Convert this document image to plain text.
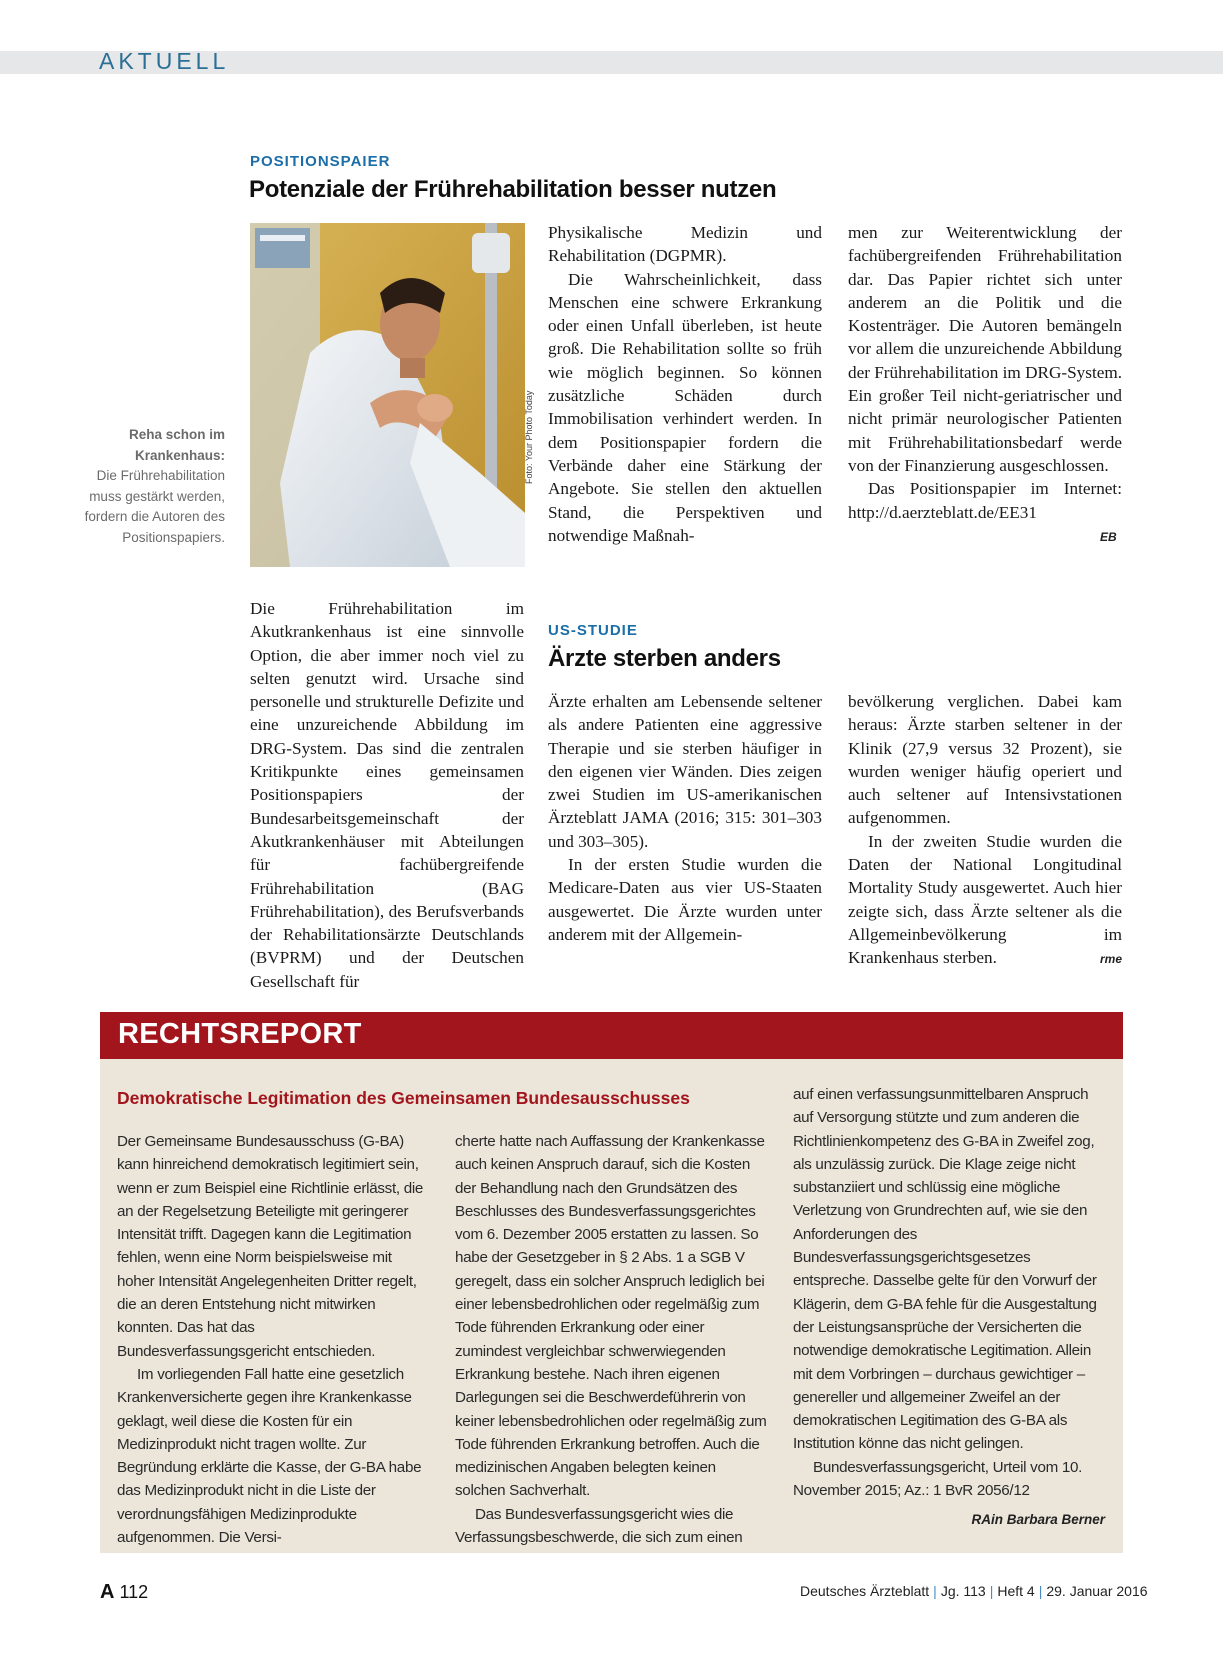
AKTUELL
POSITIONSPAIER
Potenziale der Frührehabilitation besser nutzen
Foto: Your Photo Today
Reha schon im Krankenhaus:
Die Frührehabilitation muss gestärkt werden, fordern die Autoren des Positionspapiers.

Die Frührehabilitation im Akutkrankenhaus ist eine sinnvolle Option, die aber immer noch viel zu selten genutzt wird. Ursache sind personelle und strukturelle Defizite und eine unzureichende Abbildung im DRG-System. Das sind die zentralen Kritikpunkte eines gemeinsamen Positionspapiers der Bundesarbeitsgemeinschaft der Akutkrankenhäuser mit Abteilungen für fachübergreifende Frührehabilitation (BAG Frührehabilitation), des Berufsverbands der Rehabilitationsärzte Deutschlands (BVPRM) und der Deutschen Gesellschaft für

Physikalische Medizin und Rehabilitation (DGPMR).

Die Wahrscheinlichkeit, dass Menschen eine schwere Erkrankung oder einen Unfall überleben, ist heute groß. Die Rehabilitation sollte so früh wie möglich beginnen. So können zusätzliche Schäden durch Immobilisation verhindert werden. In dem Positionspapier fordern die Verbände daher eine Stärkung der Angebote. Sie stellen den aktuellen Stand, die Perspektiven und notwendige Maßnah-

men zur Weiterentwicklung der fachübergreifenden Frührehabilitation dar. Das Papier richtet sich unter anderem an die Politik und die Kostenträger. Die Autoren bemängeln vor allem die unzureichende Abbildung der Frührehabilitation im DRG-System. Ein großer Teil nicht-geriatrischer und nicht primär neurologischer Patienten mit Frührehabilitationsbedarf werde von der Finanzierung ausgeschlossen.

Das Positionspapier im Internet: http://d.aerzteblatt.de/EE31

EB
US-STUDIE
Ärzte sterben anders

Ärzte erhalten am Lebensende seltener als andere Patienten eine aggressive Therapie und sie sterben häufiger in den eigenen vier Wänden. Dies zeigen zwei Studien im US-amerikanischen Ärzteblatt JAMA (2016; 315: 301–303 und 303–305).

In der ersten Studie wurden die Medicare-Daten aus vier US-Staaten ausgewertet. Die Ärzte wurden unter anderem mit der Allgemein-

bevölkerung verglichen. Dabei kam heraus: Ärzte starben seltener in der Klinik (27,9 versus 32 Prozent), sie wurden weniger häufig operiert und auch seltener auf Intensivstationen aufgenommen.

In der zweiten Studie wurden die Daten der National Longitudinal Mortality Study ausgewertet. Auch hier zeigte sich, dass Ärzte seltener als die Allgemeinbevölkerung im Krankenhaus sterben.	rme
RECHTSREPORT
Demokratische Legitimation des Gemeinsamen Bundesausschusses

Der Gemeinsame Bundesausschuss (G-BA) kann hinreichend demokratisch legitimiert sein, wenn er zum Beispiel eine Richtlinie erlässt, die an der Regelsetzung Beteiligte mit geringerer Intensität trifft. Dagegen kann die Legitimation fehlen, wenn eine Norm beispielsweise mit hoher Intensität Angelegenheiten Dritter regelt, die an deren Entstehung nicht mitwirken konnten. Das hat das Bundesverfassungsgericht entschieden.

Im vorliegenden Fall hatte eine gesetzlich Krankenversicherte gegen ihre Krankenkasse geklagt, weil diese die Kosten für ein Medizinprodukt nicht tragen wollte. Zur Begründung erklärte die Kasse, der G-BA habe das Medizinprodukt nicht in die Liste der verordnungsfähigen Medizinprodukte aufgenommen. Die Versi-

cherte hatte nach Auffassung der Krankenkasse auch keinen Anspruch darauf, sich die Kosten der Behandlung nach den Grundsätzen des Beschlusses des Bundesverfassungsgerichtes vom 6. Dezember 2005 erstatten zu lassen. So habe der Gesetzgeber in § 2 Abs. 1 a SGB V geregelt, dass ein solcher Anspruch lediglich bei einer lebensbedrohlichen oder regelmäßig zum Tode führenden Erkrankung oder einer zumindest vergleichbar schwerwiegenden Erkrankung bestehe. Nach ihren eigenen Darlegungen sei die Beschwerdeführerin von keiner lebensbedrohlichen oder regelmäßig zum Tode führenden Erkrankung betroffen. Auch die medizinischen Angaben belegten keinen solchen Sachverhalt.

Das Bundesverfassungsgericht wies die Verfassungsbeschwerde, die sich zum einen

auf einen verfassungsunmittelbaren Anspruch auf Versorgung stützte und zum anderen die Richtlinienkompetenz des G-BA in Zweifel zog, als unzulässig zurück. Die Klage zeige nicht substanziiert und schlüssig eine mögliche Verletzung von Grundrechten auf, wie sie den Anforderungen des Bundesverfassungsgerichtsgesetzes entspreche. Dasselbe gelte für den Vorwurf der Klägerin, dem G-BA fehle für die Ausgestaltung der Leistungsansprüche der Versicherten die notwendige demokratische Legitimation. Allein mit dem Vorbringen – durchaus gewichtiger – genereller und allgemeiner Zweifel an der demokratischen Legitimation des G-BA als Institution könne das nicht gelingen.

Bundesverfassungsgericht, Urteil vom 10. November 2015; Az.: 1 BvR 2056/12

RAin Barbara Berner
A 112	Deutsches Ärzteblatt | Jg. 113 | Heft 4 | 29. Januar 2016
